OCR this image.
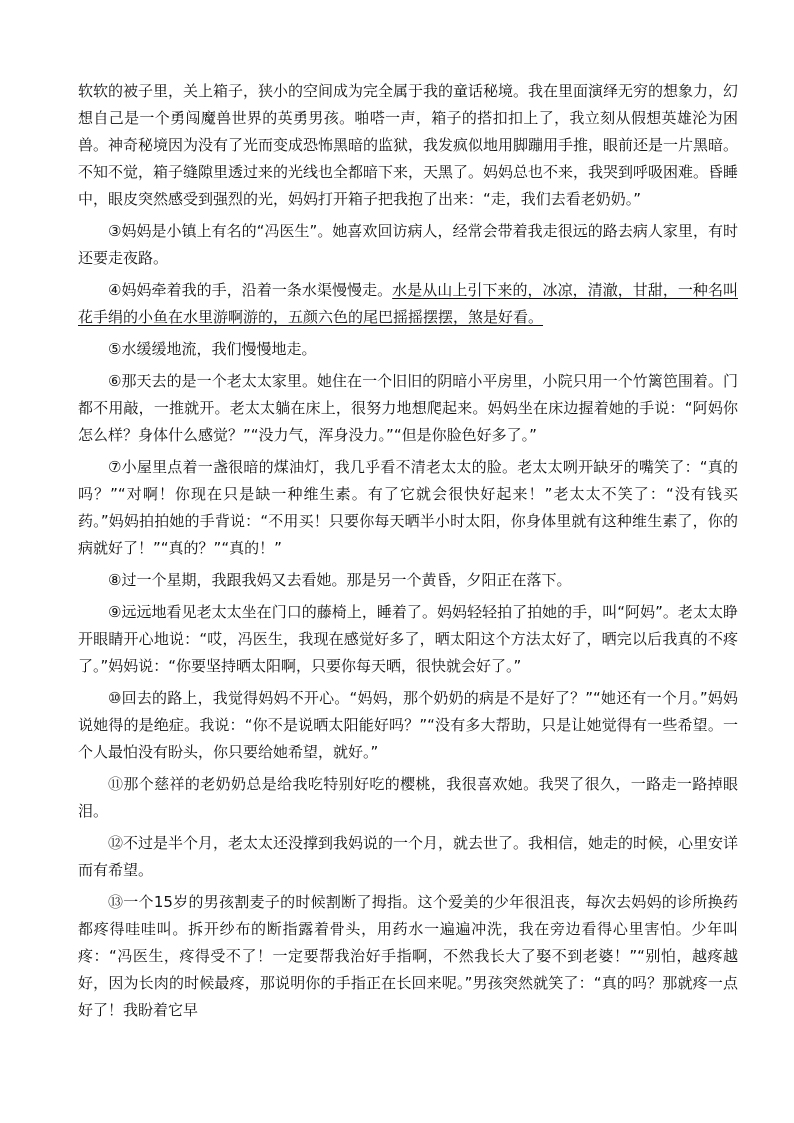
软软的被子里，关上箱子，狭小的空间成为完全属于我的童话秘境。我在里面演绎无穷的想象力，幻想自己是一个勇闯魔兽世界的英勇男孩。啪嗒一声，箱子的搭扣扣上了，我立刻从假想英雄沦为困兽。神奇秘境因为没有了光而变成恐怖黑暗的监狱，我发疯似地用脚蹦用手推，眼前还是一片黑暗。不知不觉，箱子缝隙里透过来的光线也全都暗下来，天黑了。妈妈总也不来，我哭到呼吸困难。昏睡中，眼皮突然感受到强烈的光，妈妈打开箱子把我抱了出来：“走，我们去看老奶奶。”

③妈妈是小镇上有名的“冯医生”。她喜欢回访病人，经常会带着我走很远的路去病人家里，有时还要走夜路。

④妈妈牵着我的手，沿着一条水渠慢慢走。水是从山上引下来的，冰凉，清澈，甘甜，一种名叫花手绢的小鱼在水里游啊游的，五颜六色的尾巴摇摇摆摆，煞是好看。

⑤水缓缓地流，我们慢慢地走。

⑥那天去的是一个老太太家里。她住在一个旧旧的阴暗小平房里，小院只用一个竹篱笆围着。门都不用敲，一推就开。老太太躺在床上，很努力地想爬起来。妈妈坐在床边握着她的手说：“阿妈你怎么样？身体什么感觉？”“没力气，浑身没力。”“但是你脸色好多了。”

⑦小屋里点着一盏很暗的煤油灯，我几乎看不清老太太的脸。老太太咧开缺牙的嘴笑了：“真的吗？”“对啊！你现在只是缺一种维生素。有了它就会很快好起来！”老太太不笑了：“没有钱买药。”妈妈拍拍她的手背说：“不用买！只要你每天晒半小时太阳，你身体里就有这种维生素了，你的病就好了！”“真的？”“真的！”

⑧过一个星期，我跟我妈又去看她。那是另一个黄昏，夕阳正在落下。

⑨远远地看见老太太坐在门口的藤椅上，睡着了。妈妈轻轻拍了拍她的手，叫“阿妈”。老太太睁开眼睛开心地说：“哎，冯医生，我现在感觉好多了，晒太阳这个方法太好了，晒完以后我真的不疼了。”妈妈说：“你要坚持晒太阳啊，只要你每天晒，很快就会好了。”

⑩回去的路上，我觉得妈妈不开心。“妈妈，那个奶奶的病是不是好了？”“她还有一个月。”妈妈说她得的是绝症。我说：“你不是说晒太阳能好吗？”“没有多大帮助，只是让她觉得有一些希望。一个人最怕没有盼头，你只要给她希望，就好。”

⑪那个慈祥的老奶奶总是给我吃特别好吃的樱桃，我很喜欢她。我哭了很久，一路走一路掉眼泪。

⑫不过是半个月，老太太还没撑到我妈说的一个月，就去世了。我相信，她走的时候，心里安详而有希望。

⑬一个15岁的男孩割麦子的时候割断了拇指。这个爱美的少年很沮丧，每次去妈妈的诊所换药都疼得哇哇叫。拆开纱布的断指露着骨头，用药水一遍遍冲洗，我在旁边看得心里害怕。少年叫疼：“冯医生，疼得受不了！一定要帮我治好手指啊，不然我长大了娶不到老婆！”“别怕，越疼越好，因为长肉的时候最疼，那说明你的手指正在长回来呢。”男孩突然就笑了：“真的吗？那就疼一点好了！我盼着它早
